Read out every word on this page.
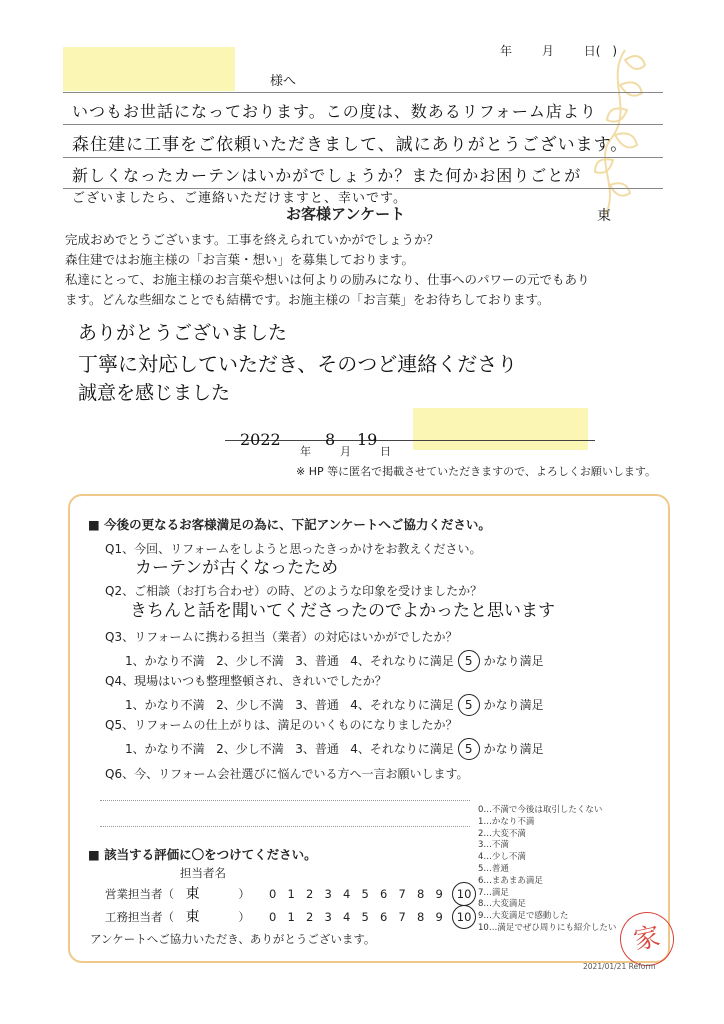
年 月 日(　)
様へ
いつもお世話になっております。この度は、数あるリフォーム店より
森住建に工事をご依頼いただきまして、誠にありがとうございます。
新しくなったカーテンはいかがでしょうか？また何かお困りごとが
ございましたら、ご連絡いただけますと、幸いです。
東
お客様アンケート
完成おめでとうございます。工事を終えられていかがでしょうか？
森住建ではお施主様の「お言葉・想い」を募集しております。
私達にとって、お施主様のお言葉や想いは何よりの励みになり、仕事へのパワーの元でもあり
ます。どんな些細なことでも結構です。お施主様の「お言葉」をお待ちしております。
ありがとうございました
丁寧に対応していただき、そのつど連絡くださり
誠意を感じました
2022
年
8
月
19
日
※ HP 等に匿名で掲載させていただきますので、よろしくお願いします。
■ 今後の更なるお客様満足の為に、下記アンケートへご協力ください。
Q1、今回、リフォームをしようと思ったきっかけをお教えください。
カーテンが古くなったため
Q2、ご相談（お打ち合わせ）の時、どのような印象を受けましたか？
きちんと話を聞いてくださったのでよかったと思います
Q3、リフォームに携わる担当（業者）の対応はいかがでしたか？
1、かなり不満 2、少し不満 3、普通 4、それなりに満足 5 かなり満足
Q4、現場はいつも整理整頓され、きれいでしたか？
1、かなり不満 2、少し不満 3、普通 4、それなりに満足 5 かなり満足
Q5、リフォームの仕上がりは、満足のいくものになりましたか？
1、かなり不満 2、少し不満 3、普通 4、それなりに満足 5 かなり満足
Q6、今、リフォーム会社選びに悩んでいる方へ一言お願いします。
0…不満で今後は取引したくない
1…かなり不満
2…大変不満
3…不満
4…少し不満
5…普通
6…まあまあ満足
7…満足
8…大変満足
9…大変満足で感動した
10…満足でぜひ周りにも紹介したい
■ 該当する評価に〇をつけてください。
担当者名
営業担当者（ 東	） 0 1 2 3 4 5 6 7 8 9 10
工務担当者（ 東	） 0 1 2 3 4 5 6 7 8 9 10
アンケートへご協力いただき、ありがとうございます。	家
2021/01/21 Reform
